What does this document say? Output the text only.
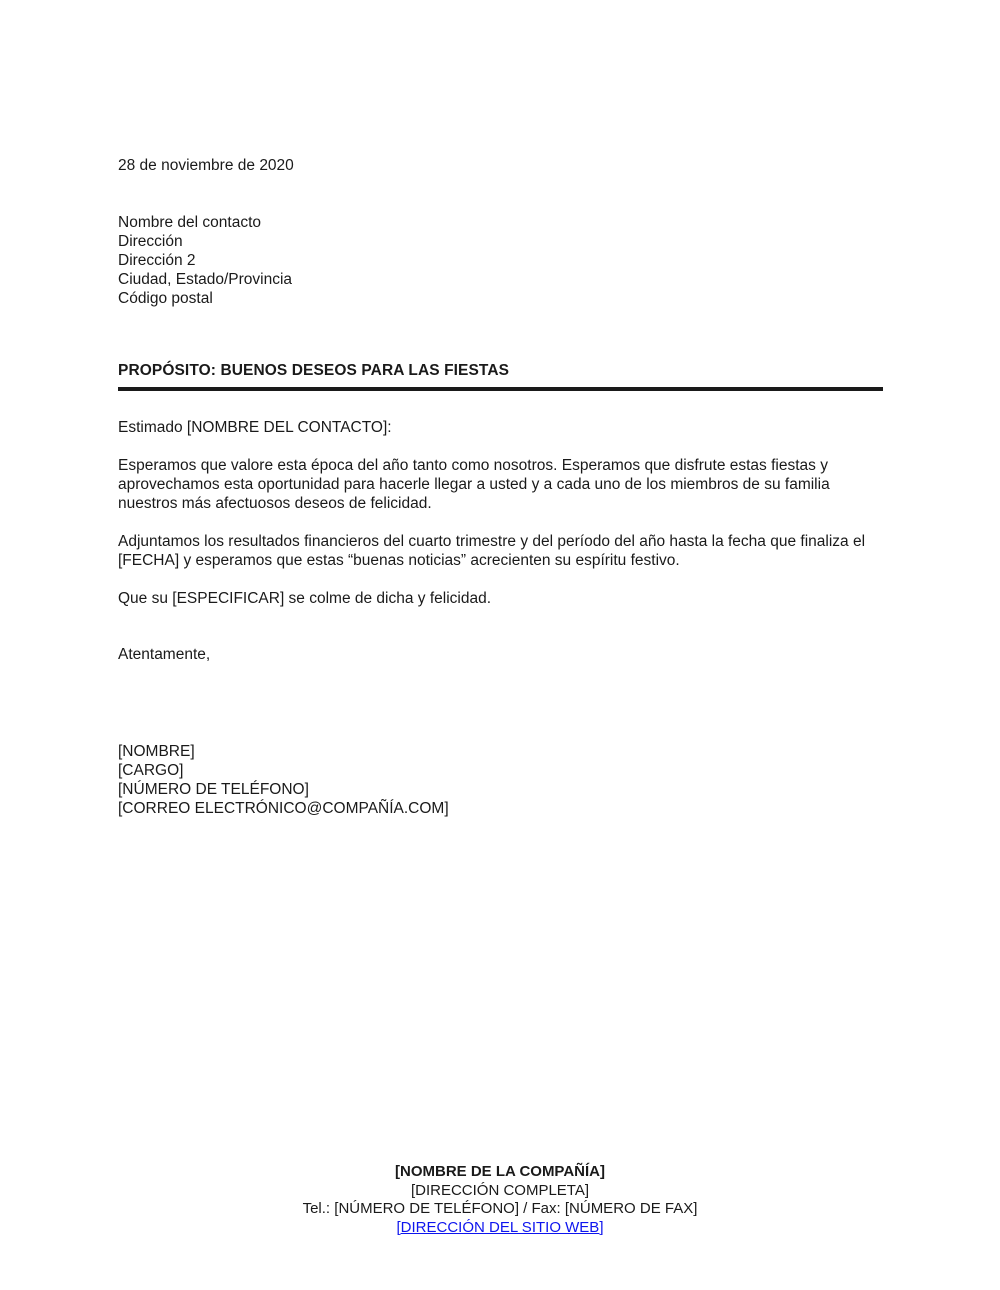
28 de noviembre de 2020
Nombre del contacto
Dirección
Dirección 2
Ciudad, Estado/Provincia
Código postal
PROPÓSITO: BUENOS DESEOS PARA LAS FIESTAS
Estimado [NOMBRE DEL CONTACTO]:

Esperamos que valore esta época del año tanto como nosotros. Esperamos que disfrute estas fiestas y aprovechamos esta oportunidad para hacerle llegar a usted y a cada uno de los miembros de su familia nuestros más afectuosos deseos de felicidad.

Adjuntamos los resultados financieros del cuarto trimestre y del período del año hasta la fecha que finaliza el [FECHA] y esperamos que estas “buenas noticias” acrecienten su espíritu festivo.

Que su [ESPECIFICAR] se colme de dicha y felicidad.

Atentamente,
[NOMBRE]
[CARGO]
[NÚMERO DE TELÉFONO]
[CORREO ELECTRÓNICO@COMPAÑÍA.COM]
[NOMBRE DE LA COMPAÑÍA]
[DIRECCIÓN COMPLETA]
Tel.: [NÚMERO DE TELÉFONO] / Fax: [NÚMERO DE FAX]
[DIRECCIÓN DEL SITIO WEB]
